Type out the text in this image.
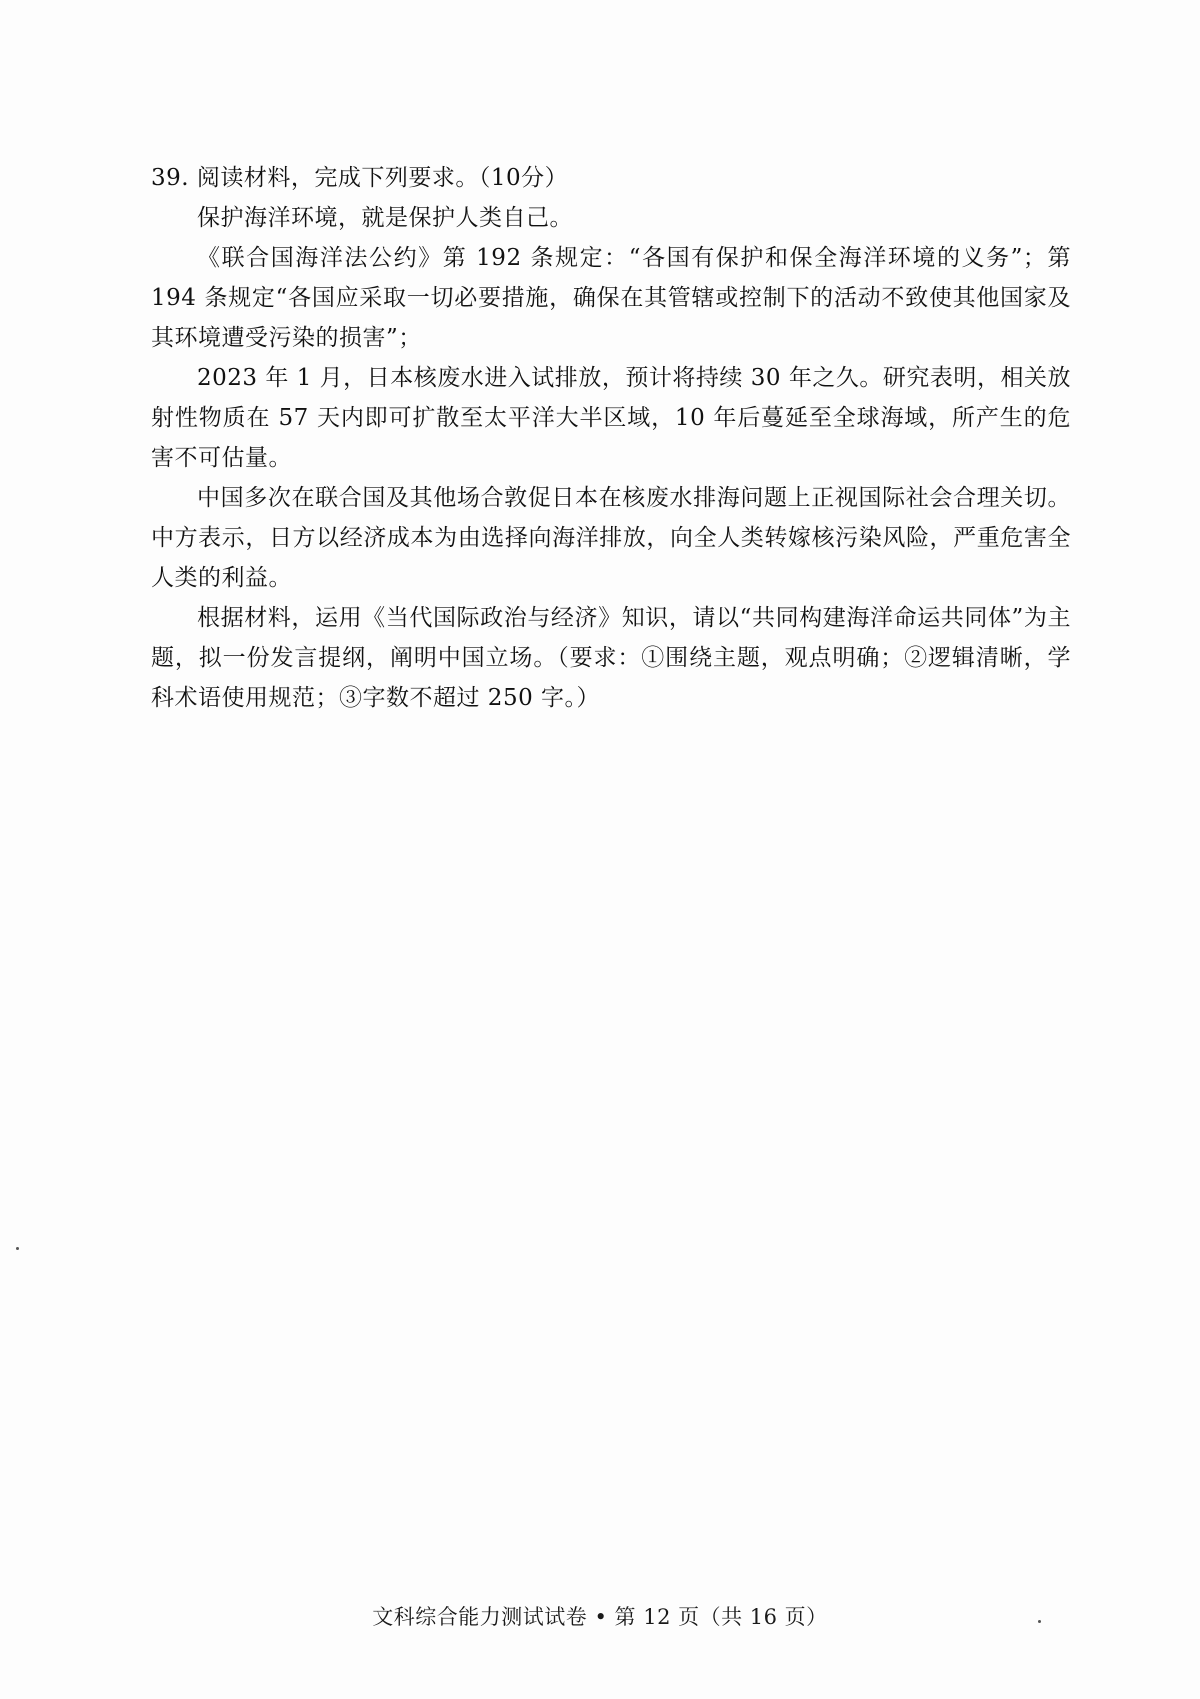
39. 阅读材料，完成下列要求。（10分）

保护海洋环境，就是保护人类自己。

《联合国海洋法公约》第 192 条规定：“各国有保护和保全海洋环境的义务”；第 194 条规定“各国应采取一切必要措施，确保在其管辖或控制下的活动不致使其他国家及其环境遭受污染的损害”；

2023 年 1 月，日本核废水进入试排放，预计将持续 30 年之久。研究表明，相关放射性物质在 57 天内即可扩散至太平洋大半区域，10 年后蔓延至全球海域，所产生的危害不可估量。

中国多次在联合国及其他场合敦促日本在核废水排海问题上正视国际社会合理关切。中方表示，日方以经济成本为由选择向海洋排放，向全人类转嫁核污染风险，严重危害全人类的利益。

根据材料，运用《当代国际政治与经济》知识，请以“共同构建海洋命运共同体”为主题，拟一份发言提纲，阐明中国立场。（要求：①围绕主题，观点明确；②逻辑清晰，学科术语使用规范；③字数不超过 250 字。）

文科综合能力测试试卷 • 第 12 页（共 16 页）
